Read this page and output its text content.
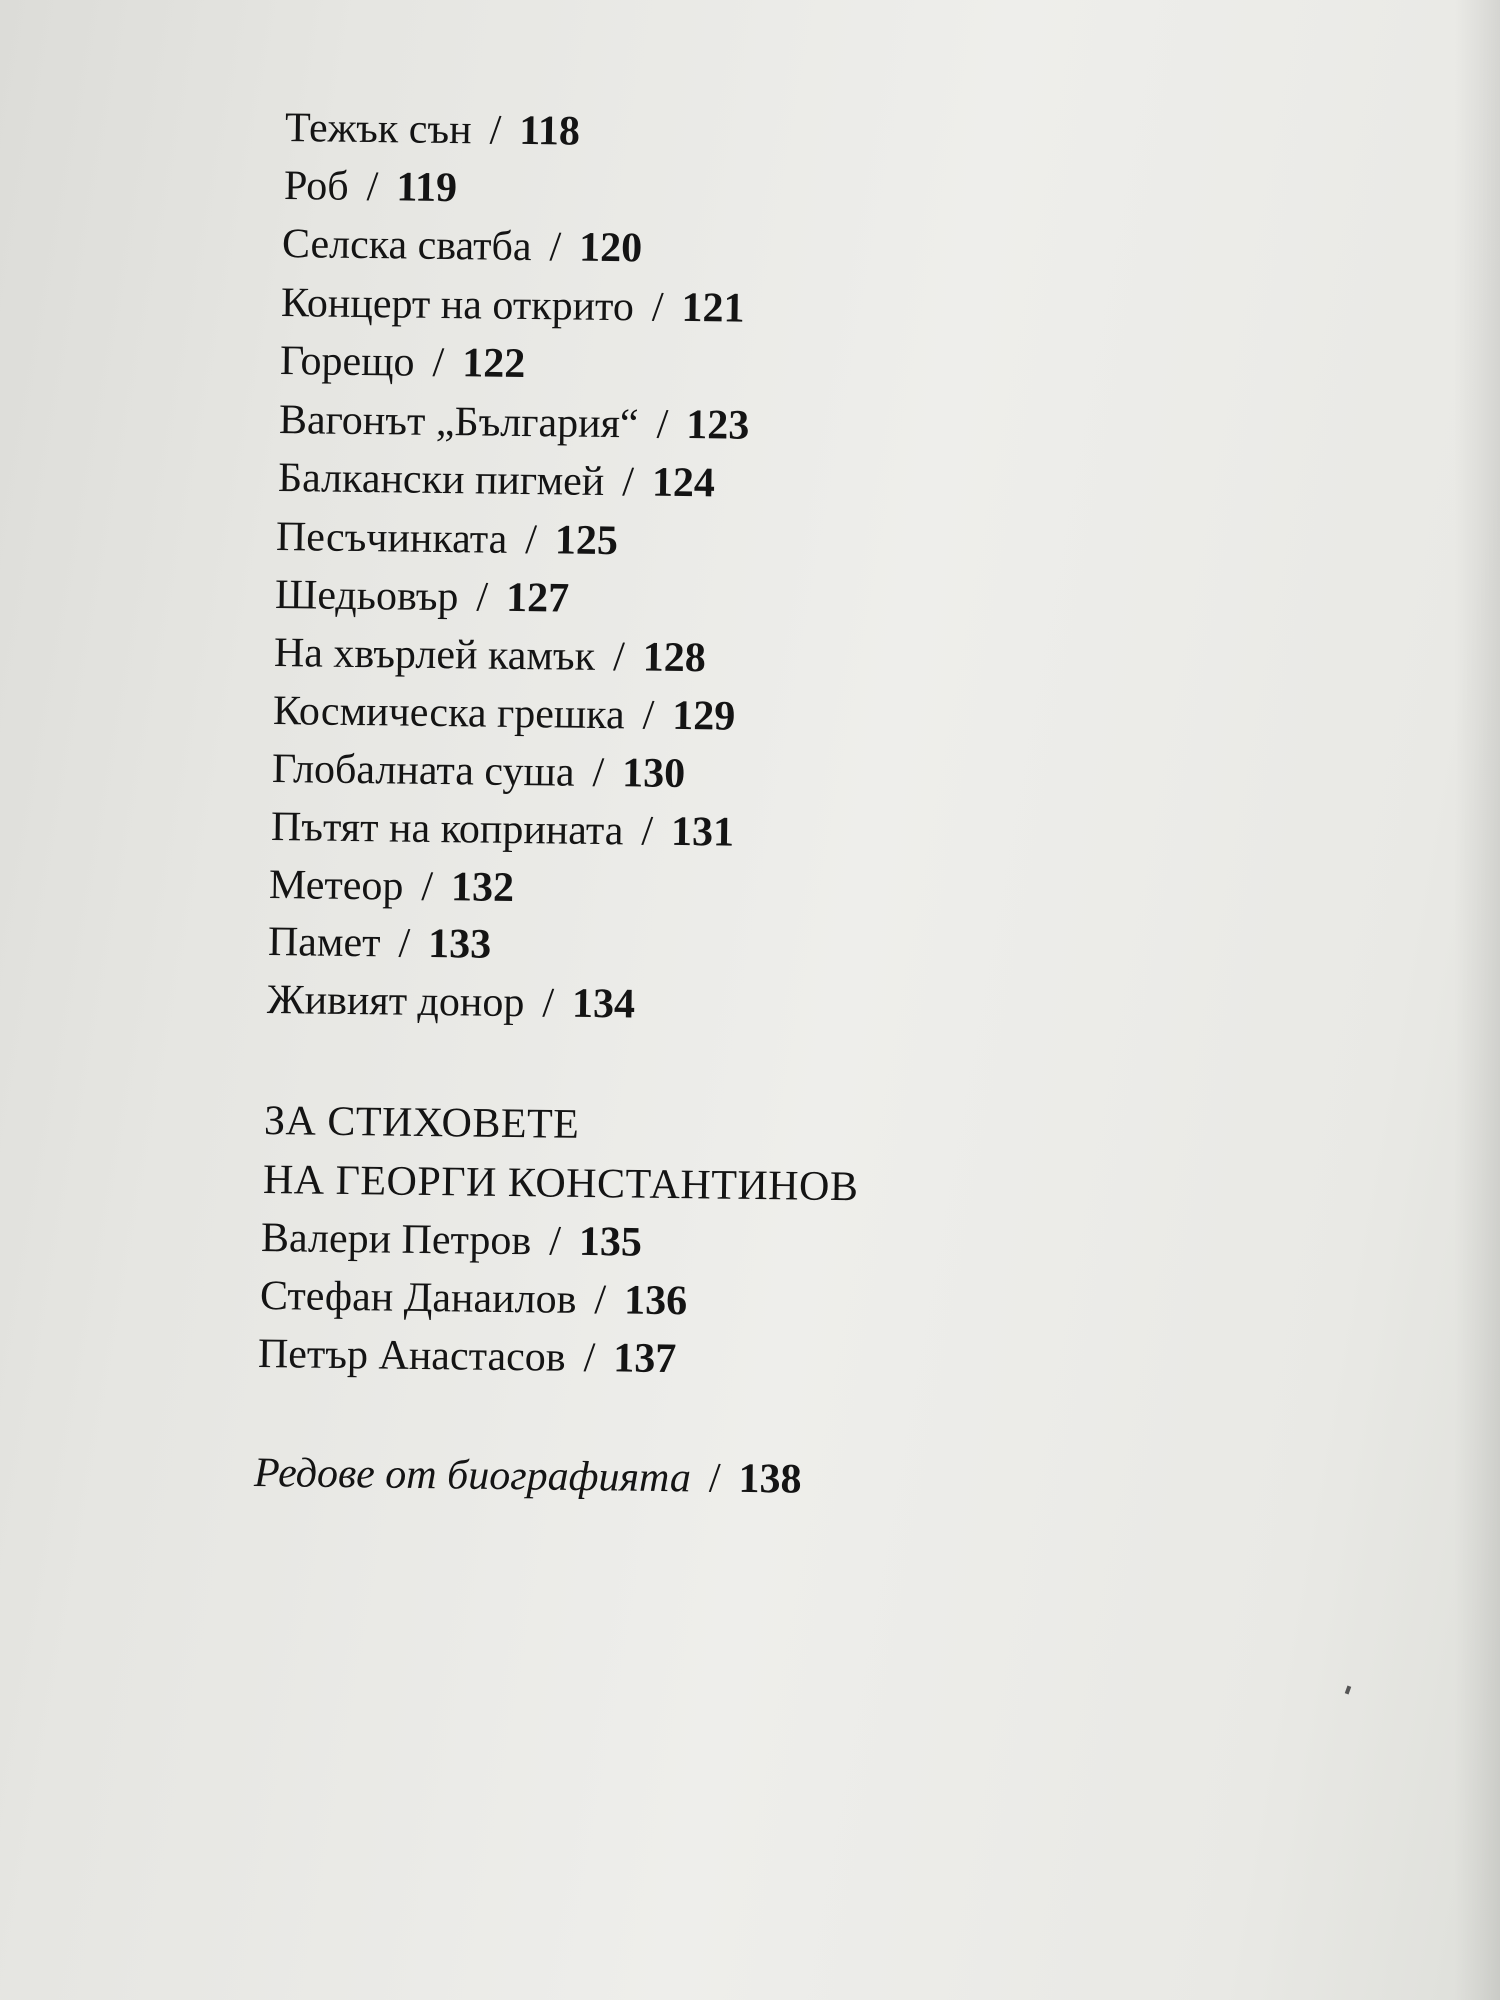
Тежък сън / 118
Роб / 119
Селска сватба / 120
Концерт на открито / 121
Горещо / 122
Вагонът „България“ / 123
Балкански пигмей / 124
Песъчинката / 125
Шедьовър / 127
На хвърлей камък / 128
Космическа грешка / 129
Глобалната суша / 130
Пътят на коприната / 131
Метеор / 132
Памет / 133
Живият донор / 134
ЗА СТИХОВЕТЕ
НА ГЕОРГИ КОНСТАНТИНОВ
Валери Петров / 135
Стефан Данаилов / 136
Петър Анастасов / 137
Редове от биографията / 138
